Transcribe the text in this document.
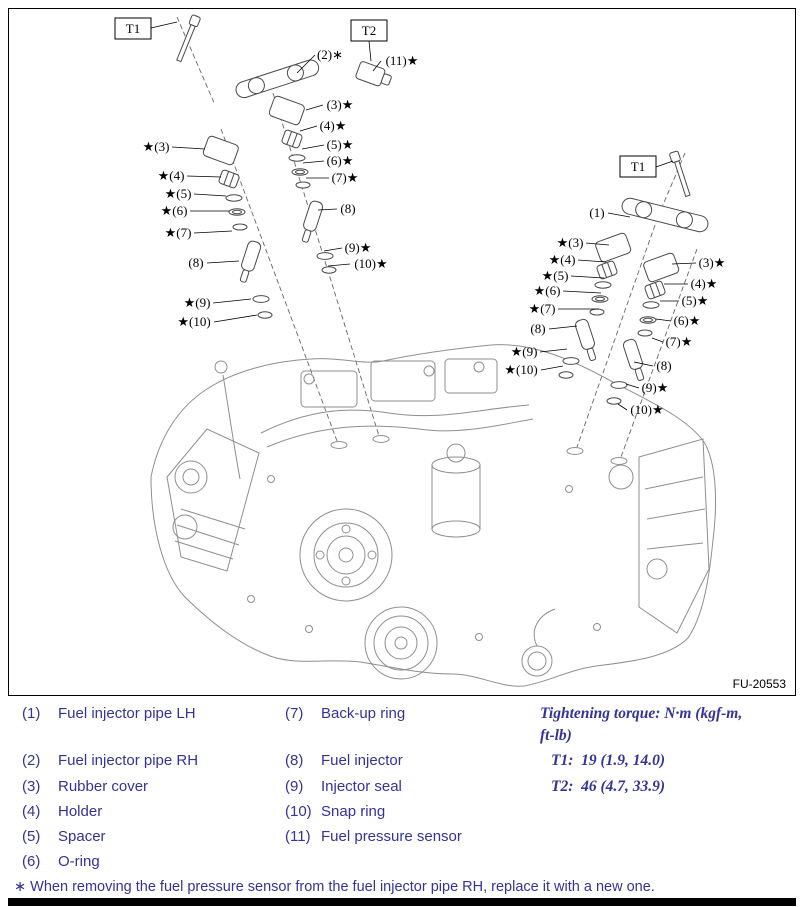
(2)∗	(11)★
(3)★
(4)★
(5)★
(6)★
(7)★
(8)
(9)★
(10)★
★(3)
★(4)
★(5)
★(6)
★(7)
(8)
★(9)
★(10)
(1)
★(3)
★(4)
★(5)
★(6)
★(7)
(8)
★(9)
★(10)
(3)★
(4)★
(5)★
(6)★
(7)★
(8)
(9)★
(10)★
T1	T2
T1
FU-20553
(1) Fuel injector pipe LH
(2) Fuel injector pipe RH
(3) Rubber cover
(4) Holder
(5) Spacer
(6) O-ring
(7) Back-up ring
(8) Fuel injector
(9) Injector seal
(10) Snap ring
(11) Fuel pressure sensor
Tightening torque: N·m (kgf-m,
ft-lb)
T1:  19 (1.9, 14.0)
T2:  46 (4.7, 33.9)
∗ When removing the fuel pressure sensor from the fuel injector pipe RH, replace it with a new one.
